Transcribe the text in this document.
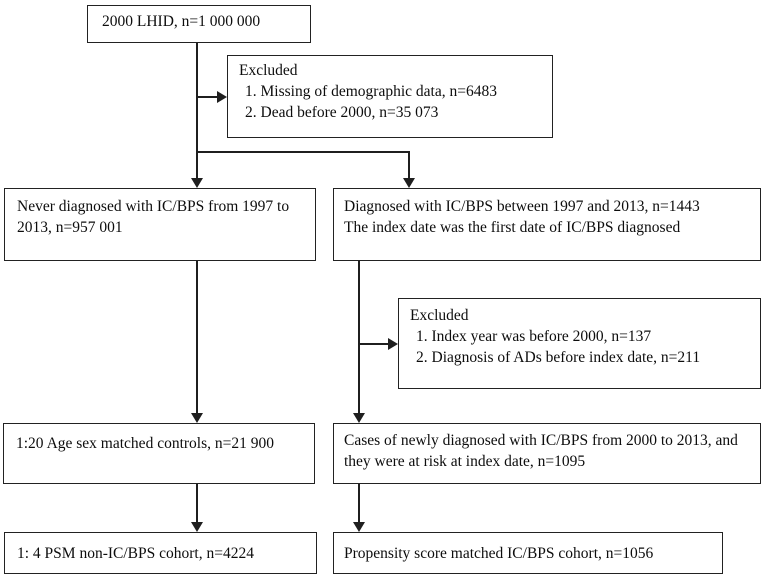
2000 LHID, n=1 000 000
Excluded
1. Missing of demographic data, n=6483
2. Dead before 2000, n=35 073
Never diagnosed with IC/BPS from 1997 to 2013, n=957 001
Diagnosed with IC/BPS between 1997 and 2013, n=1443
The index date was the first date of IC/BPS diagnosed
Excluded
1. Index year was before 2000, n=137
2. Diagnosis of ADs before index date, n=211
1:20 Age sex matched controls, n=21 900	Cases of newly diagnosed with IC/BPS from 2000 to 2013, and they were at risk at index date, n=1095
1: 4 PSM non-IC/BPS cohort, n=4224	Propensity score matched IC/BPS cohort, n=1056
